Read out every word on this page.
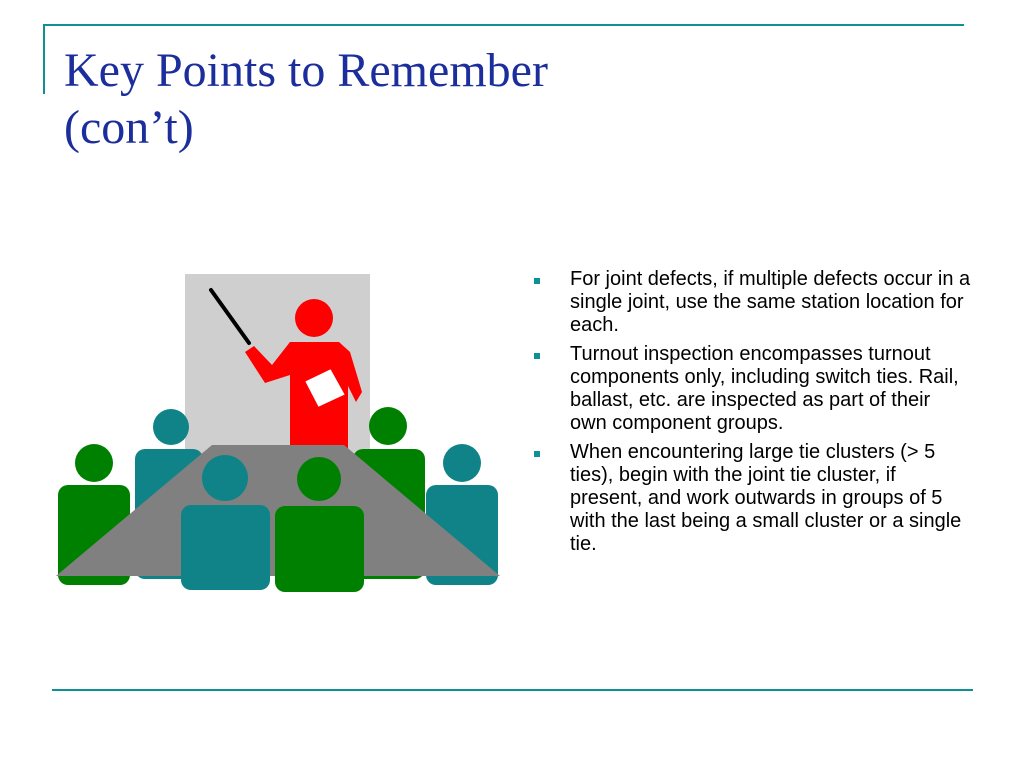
Key Points to Remember
(con’t)
For joint defects, if multiple defects occur in a single joint, use the same station location for each.
Turnout inspection encompasses turnout components only, including switch ties. Rail, ballast, etc. are inspected as part of their own component groups.
When encountering large tie clusters (> 5 ties), begin with the joint tie cluster, if present, and work outwards in groups of 5 with the last being a small cluster or a single tie.
